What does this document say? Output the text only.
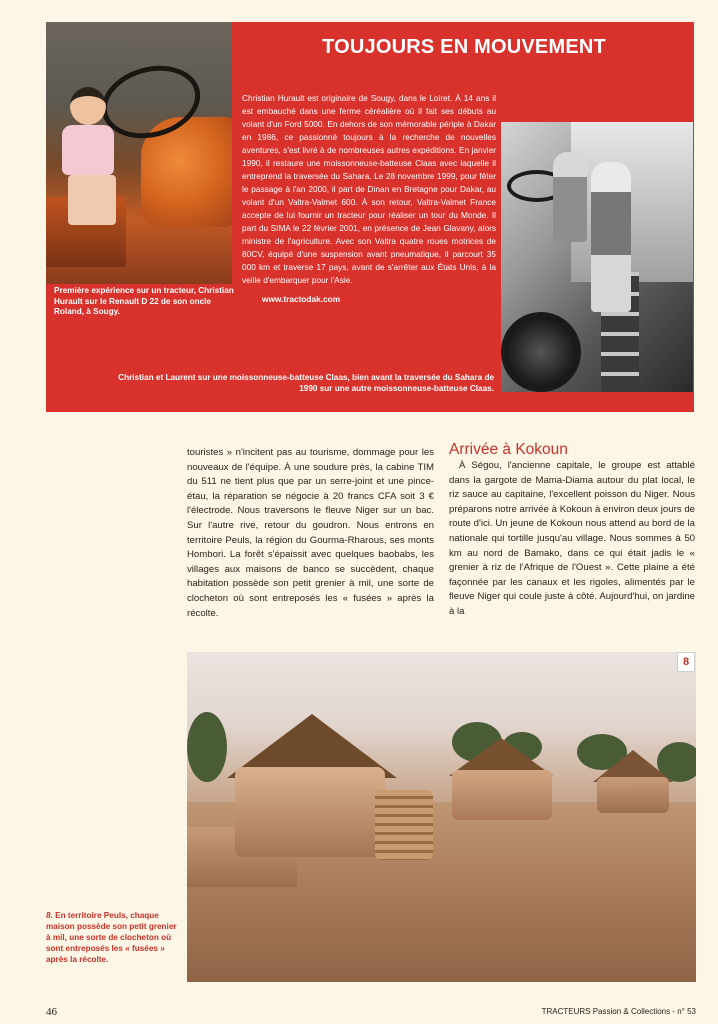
Première expérience sur un tracteur, Christian Hurault sur le Renault D 22 de son oncle Roland, à Sougy.
TOUJOURS EN MOUVEMENT
Christian Hurault est originaire de Sougy, dans le Loiret. À 14 ans il est embauché dans une ferme céréalière où il fait ses débuts au volant d'un Ford 5000. En dehors de son mémorable périple à Dakar en 1986, ce passionné toujours à la recherche de nouvelles aventures, s'est livré à de nombreuses autres expéditions. En janvier 1990, il restaure une moissonneuse-batteuse Claas avec laquelle il entreprend la traversée du Sahara. Le 28 novembre 1999, pour fêter le passage à l'an 2000, il part de Dinan en Bretagne pour Dakar, au volant d'un Valtra-Valmet 600. À son retour, Valtra-Valmet France accepte de lui fournir un tracteur pour réaliser un tour du Monde. Il part du SIMA le 22 février 2001, en présence de Jean Glavany, alors ministre de l'agriculture. Avec son Valtra quatre roues motrices de 80CV, équipé d'une suspension avant pneumatique, il parcourt 35 000 km et traverse 17 pays, avant de s'arrêter aux États Unis, à la veille d'embarquer pour l'Asie.
www.tractodak.com
Christian et Laurent sur une moissonneuse-batteuse Claas, bien avant la traversée du Sahara de 1990 sur une autre moissonneuse-batteuse Claas.
touristes » n'incitent pas au tourisme, dommage pour les nouveaux de l'équipe. À une soudure près, la cabine TIM du 511 ne tient plus que par un serre-joint et une pince-étau, la réparation se négocie à 20 francs CFA soit 3 € l'électrode. Nous traversons le fleuve Niger sur un bac. Sur l'autre rive, retour du goudron. Nous entrons en territoire Peuls, la région du Gourma-Rharous, ses monts Hombori. La forêt s'épaissit avec quelques baobabs, les villages aux maisons de banco se succèdent, chaque habitation possède son petit grenier à mil, une sorte de clocheton où sont entreposés les « fusées » après la récolte.
Arrivée à Kokoun

À Ségou, l'ancienne capitale, le groupe est attablé dans la gargote de Mama-Diama autour du plat local, le riz sauce au capitaine, l'excellent poisson du Niger. Nous préparons notre arrivée à Kokoun à environ deux jours de route d'ici. Un jeune de Kokoun nous attend au bord de la nationale qui tortille jusqu'au village. Nous sommes à 50 km au nord de Bamako, dans ce qui était jadis le « grenier à riz de l'Afrique de l'Ouest ». Cette plaine a été façonnée par les canaux et les rigoles, alimentés par le fleuve Niger qui coule juste à côté. Aujourd'hui, on jardine à la

8
8. En territoire Peuls, chaque maison possède son petit grenier à mil, une sorte de clocheton où sont entreposés les « fusées » après la récolte.
46	TRACTEURS Passion & Collections - n° 53
